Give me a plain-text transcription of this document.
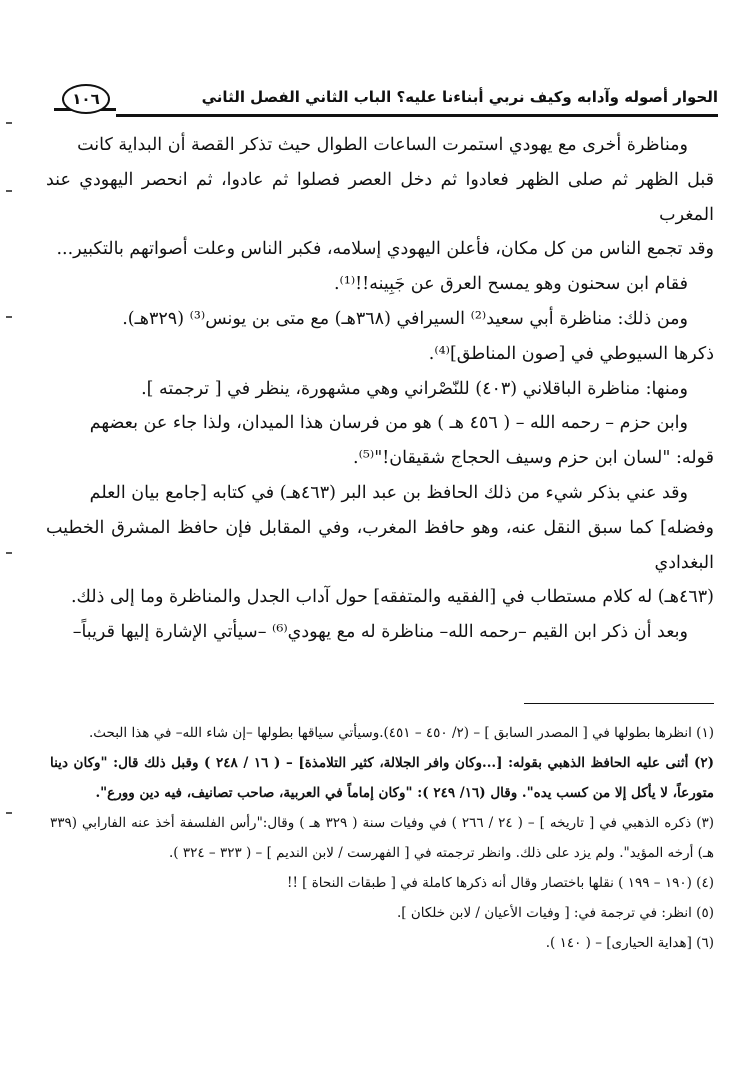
الحوار أصوله وآدابه وكيف نربي أبناءنا عليه؟ الباب الثاني الفصل الثاني
١٠٦

ومناظرة أخرى مع يهودي استمرت الساعات الطوال حيث تذكر القصة أن البداية كانت

قبل الظهر ثم صلى الظهر فعادوا ثم دخل العصر فصلوا ثم عادوا، ثم انحصر اليهودي عند المغرب

وقد تجمع الناس من كل مكان، فأعلن اليهودي إسلامه، فكبر الناس وعلت أصواتهم بالتكبير...

فقام ابن سحنون وهو يمسح العرق عن جَبِينه!!⁽¹⁾.

ومن ذلك: مناظرة أبي سعيد⁽²⁾ السيرافي (٣٦٨هـ) مع متى بن يونس⁽³⁾ (٣٢٩هـ).

ذكرها السيوطي في [صون المناطق]⁽⁴⁾.

ومنها: مناظرة الباقلاني (٤٠٣) للنّصْراني وهي مشهورة، ينظر في [ ترجمته ].

وابن حزم – رحمه الله – ( ٤٥٦ هـ ) هو من فرسان هذا الميدان، ولذا جاء عن بعضهم

قوله: "لسان ابن حزم وسيف الحجاج شقيقان!"⁽⁵⁾.

وقد عني بذكر شيء من ذلك الحافظ بن عبد البر (٤٦٣هـ) في كتابه [جامع بيان العلم

وفضله] كما سبق النقل عنه، وهو حافظ المغرب، وفي المقابل فإن حافظ المشرق الخطيب البغدادي

(٤٦٣هـ) له كلام مستطاب في [الفقيه والمتفقه] حول آداب الجدل والمناظرة وما إلى ذلك.

وبعد أن ذكر ابن القيم –رحمه الله– مناظرة له مع يهودي⁽⁶⁾ –سيأتي الإشارة إليها قريباً–

(١) انظرها بطولها في [ المصدر السابق ] – (٢/ ٤٥٠ – ٤٥١).وسيأتي سياقها بطولها –إن شاء الله– في هذا البحث.

(٢) أثنى عليه الحافظ الذهبي بقوله: [...وكان وافر الجلالة، كثير التلامذة] – ( ١٦ / ٢٤٨ ) وقبل ذلك قال: "وكان دينا متورعاً، لا يأكل إلا من كسب يده". وقال (١٦/ ٢٤٩ ): "وكان إماماً في العربية، صاحب تصانيف، فيه دين وورع".

(٣) ذكره الذهبي في [ تاريخه ] – ( ٢٤ / ٢٦٦ ) في وفيات سنة ( ٣٢٩ هـ ) وقال:"رأس الفلسفة أخذ عنه الفارابي (٣٣٩ هـ) أرخه المؤيد". ولم يزد على ذلك. وانظر ترجمته في [ الفهرست / لابن النديم ] – ( ٣٢٣ – ٣٢٤ ).

(٤) (١٩٠ – ١٩٩ ) نقلها باختصار وقال أنه ذكرها كاملة في [ طبقات النحاة ] !!

(٥) انظر: في ترجمة في: [ وفيات الأعيان / لابن خلكان ].

(٦) [هداية الحيارى] – ( ١٤٠ ).
